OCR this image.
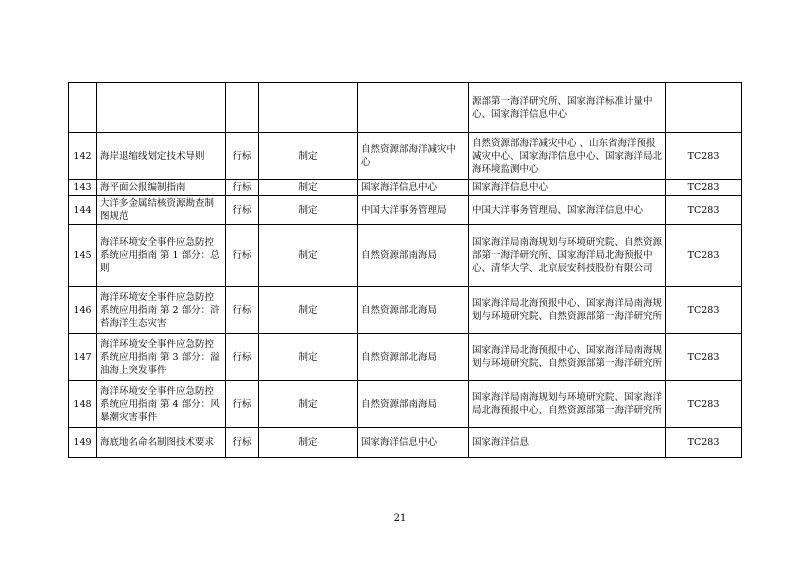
					源部第一海洋研究所、国家海洋标准计量中心、国家海洋信息中心	
142	海岸退缩线划定技术导则	行标	制定	自然资源部海洋减灾中心	自然资源部海洋减灾中心 、山东省海洋预报减灾中心、国家海洋信息中心、国家海洋局北海环境监测中心	TC283
143	海平面公报编制指南	行标	制定	国家海洋信息中心	国家海洋信息中心	TC283
144	大洋多金属结核资源勘查制图规范	行标	制定	中国大洋事务管理局	中国大洋事务管理局、国家海洋信息中心	TC283
145	海洋环境安全事件应急防控系统应用指南 第 1 部分：总则	行标	制定	自然资源部南海局	国家海洋局南海规划与环境研究院、自然资源部第一海洋研究所、国家海洋局北海预报中心、清华大学、北京辰安科技股份有限公司	TC283
146	海洋环境安全事件应急防控系统应用指南 第 2 部分：浒苔海洋生态灾害	行标	制定	自然资源部北海局	国家海洋局北海预报中心、国家海洋局南海规划与环境研究院、自然资源部第一海洋研究所	TC283
147	海洋环境安全事件应急防控系统应用指南 第 3 部分：溢油海上突发事件	行标	制定	自然资源部北海局	国家海洋局北海预报中心、国家海洋局南海规划与环境研究院、自然资源部第一海洋研究所	TC283
148	海洋环境安全事件应急防控系统应用指南 第 4 部分：风暴潮灾害事件	行标	制定	自然资源部南海局	国家海洋局南海规划与环境研究院、国家海洋局北海预报中心、自然资源部第一海洋研究所	TC283
149	海底地名命名制图技术要求	行标	制定	国家海洋信息中心	国家海洋信息	TC283
21
